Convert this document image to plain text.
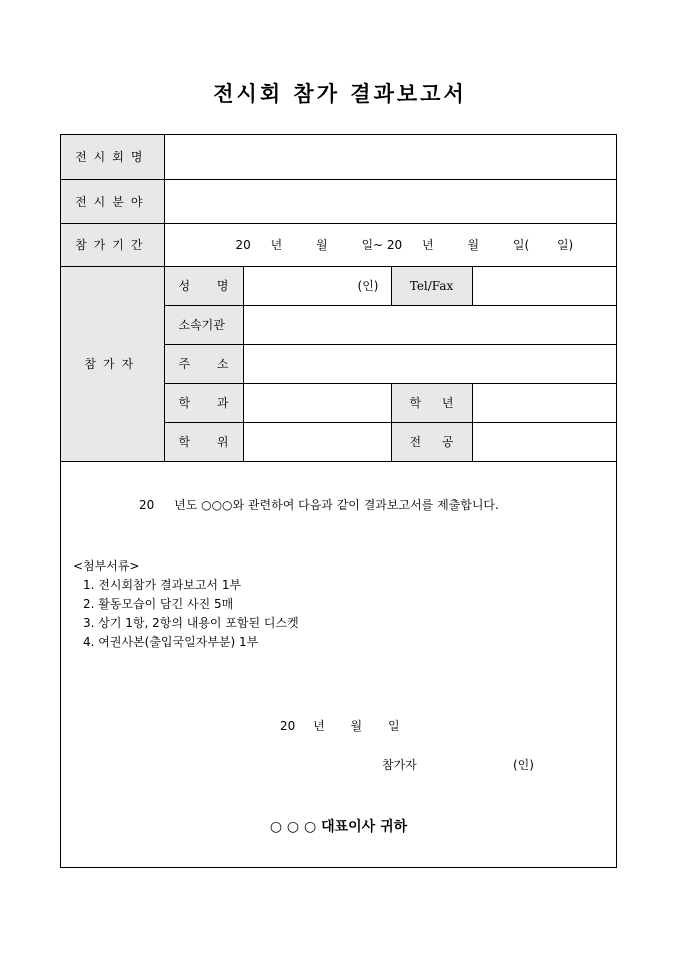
전시회 참가 결과보고서
전시회명				
전시분야				
참가기간	20 년 월 일~ 20 년 월 일( 일)			
참가자	성 명	(인)	Tel/Fax	
	소속기관			

	주 소			

	학 과		학 년	

	학 위		전 공	

20 년도 ○○○와 관련하여 다음과 같이 결과보고서를 제출합니다.
<첨부서류>
1. 전시회참가 결과보고서 1부
2. 활동모습이 담긴 사진 5매
3. 상기 1항, 2항의 내용이 포함된 디스켓
4. 여권사본(출입국일자부분) 1부
20 년 월 일
참가자	(인)
○ ○ ○ 대표이사 귀하
